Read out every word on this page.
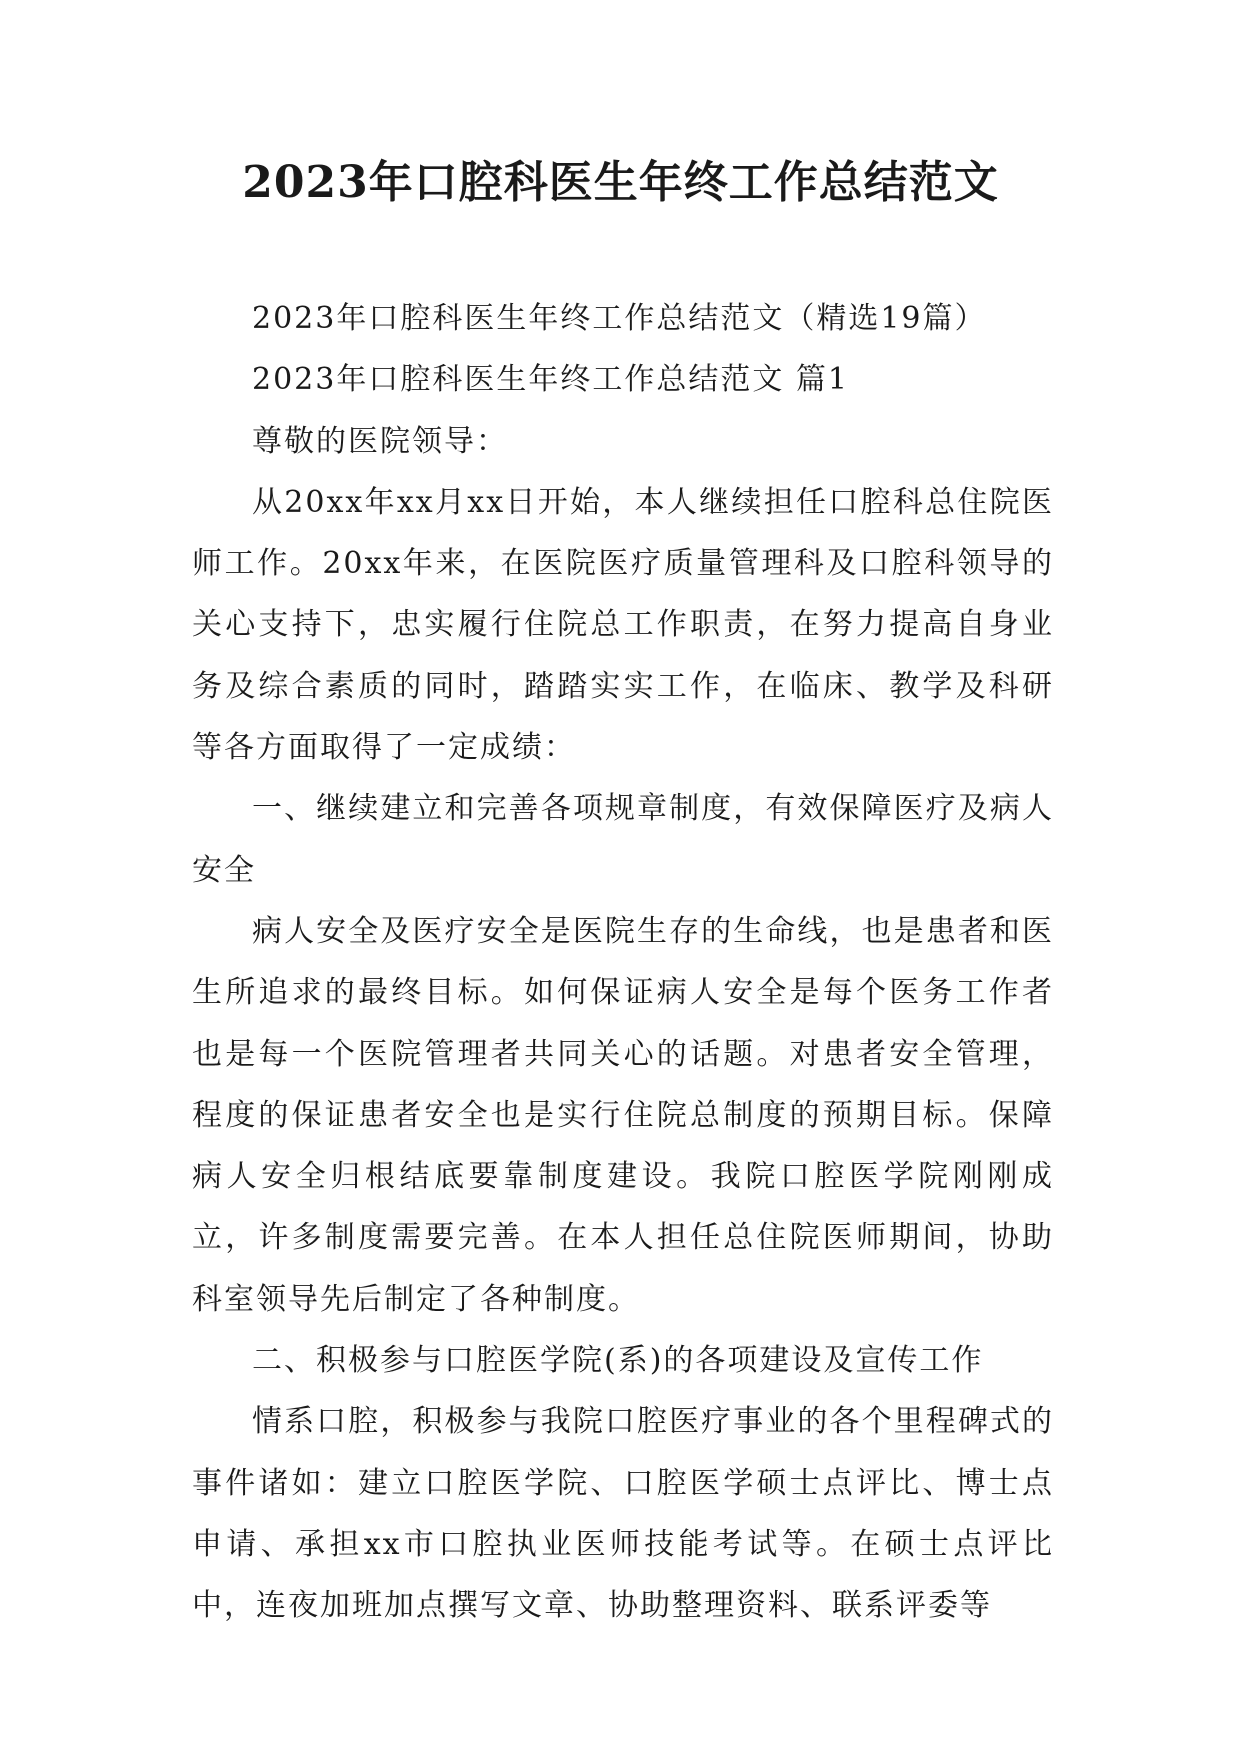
2023年口腔科医生年终工作总结范文

2023年口腔科医生年终工作总结范文（精选19篇）

2023年口腔科医生年终工作总结范文 篇1

尊敬的医院领导：

从20xx年xx月xx日开始，本人继续担任口腔科总住院医师工作。20xx年来，在医院医疗质量管理科及口腔科领导的关心支持下，忠实履行住院总工作职责，在努力提高自身业务及综合素质的同时，踏踏实实工作，在临床、教学及科研等各方面取得了一定成绩：

一、继续建立和完善各项规章制度，有效保障医疗及病人安全

病人安全及医疗安全是医院生存的生命线，也是患者和医生所追求的最终目标。如何保证病人安全是每个医务工作者也是每一个医院管理者共同关心的话题。对患者安全管理，程度的保证患者安全也是实行住院总制度的预期目标。保障病人安全归根结底要靠制度建设。我院口腔医学院刚刚成立，许多制度需要完善。在本人担任总住院医师期间，协助科室领导先后制定了各种制度。

二、积极参与口腔医学院(系)的各项建设及宣传工作

情系口腔，积极参与我院口腔医疗事业的各个里程碑式的事件诸如：建立口腔医学院、口腔医学硕士点评比、博士点申请、承担xx市口腔执业医师技能考试等。在硕士点评比中，连夜加班加点撰写文章、协助整理资料、联系评委等
